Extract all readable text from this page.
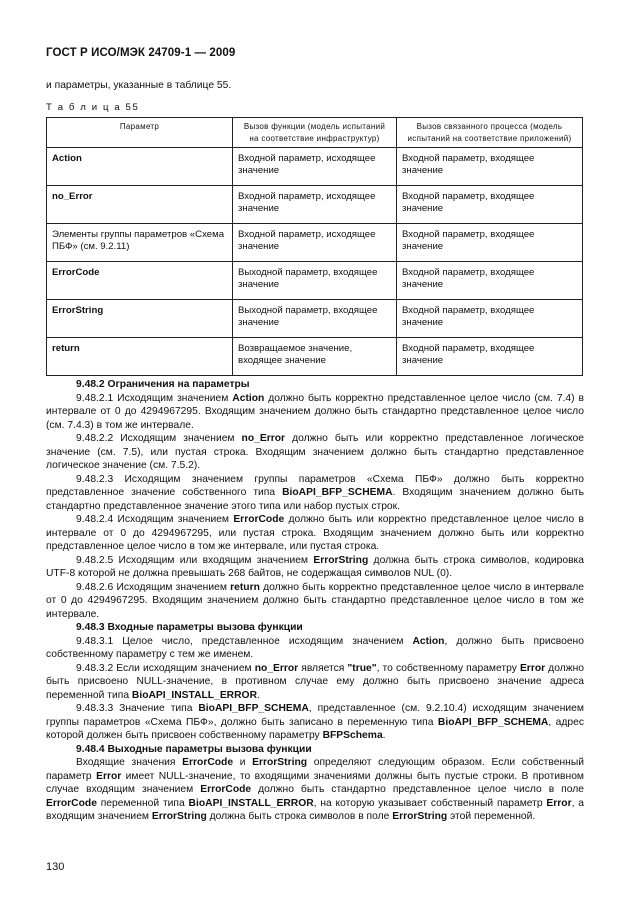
ГОСТ Р ИСО/МЭК 24709-1 — 2009
и параметры, указанные в таблице 55.
Т а б л и ц а 55
Параметр	Вызов функции (модель испытаний на соответствие инфраструктур)	Вызов связанного процесса (модель испытаний на соответствие приложений)
Action	Входной параметр, исходящее значение	Входной параметр, входящее значение
no_Error	Входной параметр, исходящее значение	Входной параметр, входящее значение
Элементы группы параметров «Схема ПБФ» (см. 9.2.11)	Входной параметр, исходящее значение	Входной параметр, входящее значение
ErrorCode	Выходной параметр, входящее значение	Входной параметр, входящее значение
ErrorString	Выходной параметр, входящее значение	Входной параметр, входящее значение
return	Возвращаемое значение, входящее значение	Входной параметр, входящее значение

9.48.2 Ограничения на параметры

9.48.2.1 Исходящим значением Action должно быть корректно представленное целое число (см. 7.4) в интервале от 0 до 4294967295. Входящим значением должно быть стандартно представленное целое число (см. 7.4.3) в том же интервале.

9.48.2.2 Исходящим значением no_Error должно быть или корректно представленное логическое значение (см. 7.5), или пустая строка. Входящим значением должно быть стандартно представленное логическое значение (см. 7.5.2).

9.48.2.3 Исходящим значением группы параметров «Схема ПБФ» должно быть корректно представленное значение собственного типа BioAPI_BFP_SCHEMA. Входящим значением должно быть стандартно представленное значение этого типа или набор пустых строк.

9.48.2.4 Исходящим значением ErrorCode должно быть или корректно представленное целое число в интервале от 0 до 4294967295, или пустая строка. Входящим значением должно быть или корректно представленное целое число в том же интервале, или пустая строка.

9.48.2.5 Исходящим или входящим значением ErrorString должна быть строка символов, кодировка UTF-8 которой не должна превышать 268 байтов, не содержащая символов NUL (0).

9.48.2.6 Исходящим значением return должно быть корректно представленное целое число в интервале от 0 до 4294967295. Входящим значением должно быть стандартно представленное целое число в том же интервале.

9.48.3 Входные параметры вызова функции

9.48.3.1 Целое число, представленное исходящим значением Action, должно быть присвоено собственному параметру с тем же именем.

9.48.3.2 Если исходящим значением no_Error является "true", то собственному параметру Error должно быть присвоено NULL-значение, в противном случае ему должно быть присвоено значение адреса переменной типа BioAPI_INSTALL_ERROR.

9.48.3.3 Значение типа BioAPI_BFP_SCHEMA, представленное (см. 9.2.10.4) исходящим значением группы параметров «Схема ПБФ», должно быть записано в переменную типа BioAPI_BFP_SCHEMA, адрес которой должен быть присвоен собственному параметру BFPSchema.

9.48.4 Выходные параметры вызова функции

Входящие значения ErrorCode и ErrorString определяют следующим образом. Если собственный параметр Error имеет NULL-значение, то входящими значениями должны быть пустые строки. В противном случае входящим значением ErrorCode должно быть стандартно представленное целое число в поле ErrorCode переменной типа BioAPI_INSTALL_ERROR, на которую указывает собственный параметр Error, а входящим значением ErrorString должна быть строка символов в поле ErrorString этой переменной.

130
